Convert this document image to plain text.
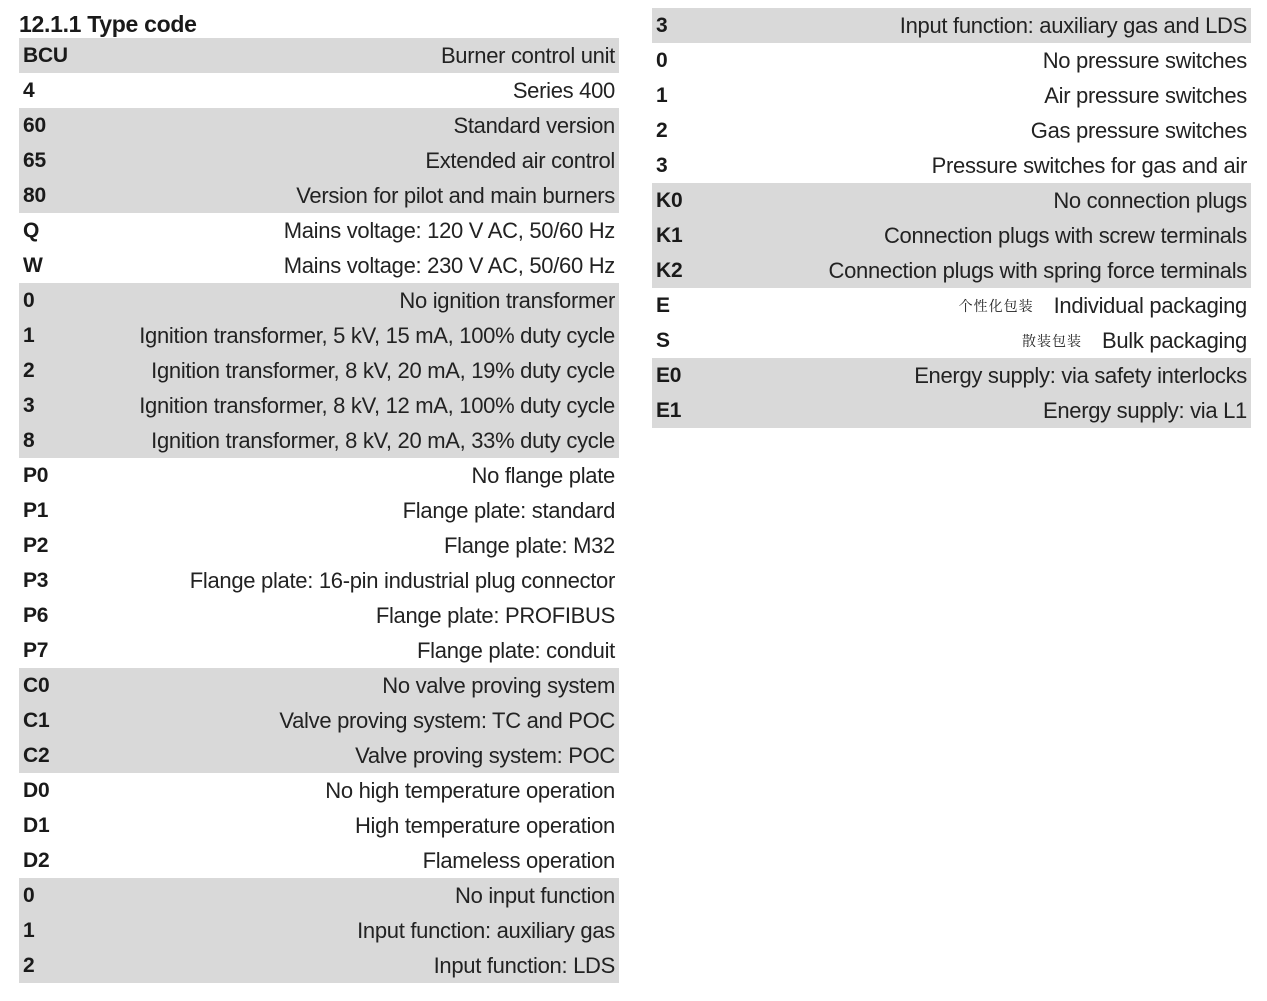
12.1.1 Type code
BCU	Burner control unit
4	Series 400
60	Standard version
65	Extended air control
80	Version for pilot and main burners
Q	Mains voltage: 120 V AC, 50/60 Hz
W	Mains voltage: 230 V AC, 50/60 Hz
0	No ignition transformer
1	Ignition transformer, 5 kV, 15 mA, 100% duty cycle
2	Ignition transformer, 8 kV, 20 mA, 19% duty cycle
3	Ignition transformer, 8 kV, 12 mA, 100% duty cycle
8	Ignition transformer, 8 kV, 20 mA, 33% duty cycle
P0	No flange plate
P1	Flange plate: standard
P2	Flange plate: M32
P3	Flange plate: 16-pin industrial plug connector
P6	Flange plate: PROFIBUS
P7	Flange plate: conduit
C0	No valve proving system
C1	Valve proving system: TC and POC
C2	Valve proving system: POC
D0	No high temperature operation
D1	High temperature operation
D2	Flameless operation
0	No input function
1	Input function: auxiliary gas
2	Input function: LDS
3	Input function: auxiliary gas and LDS
0	No pressure switches
1	Air pressure switches
2	Gas pressure switches
3	Pressure switches for gas and air
K0	No connection plugs
K1	Connection plugs with screw terminals
K2	Connection plugs with spring force terminals
E	个性化包装 Individual packaging
S	散装包装 Bulk packaging
E0	Energy supply: via safety interlocks
E1	Energy supply: via L1
